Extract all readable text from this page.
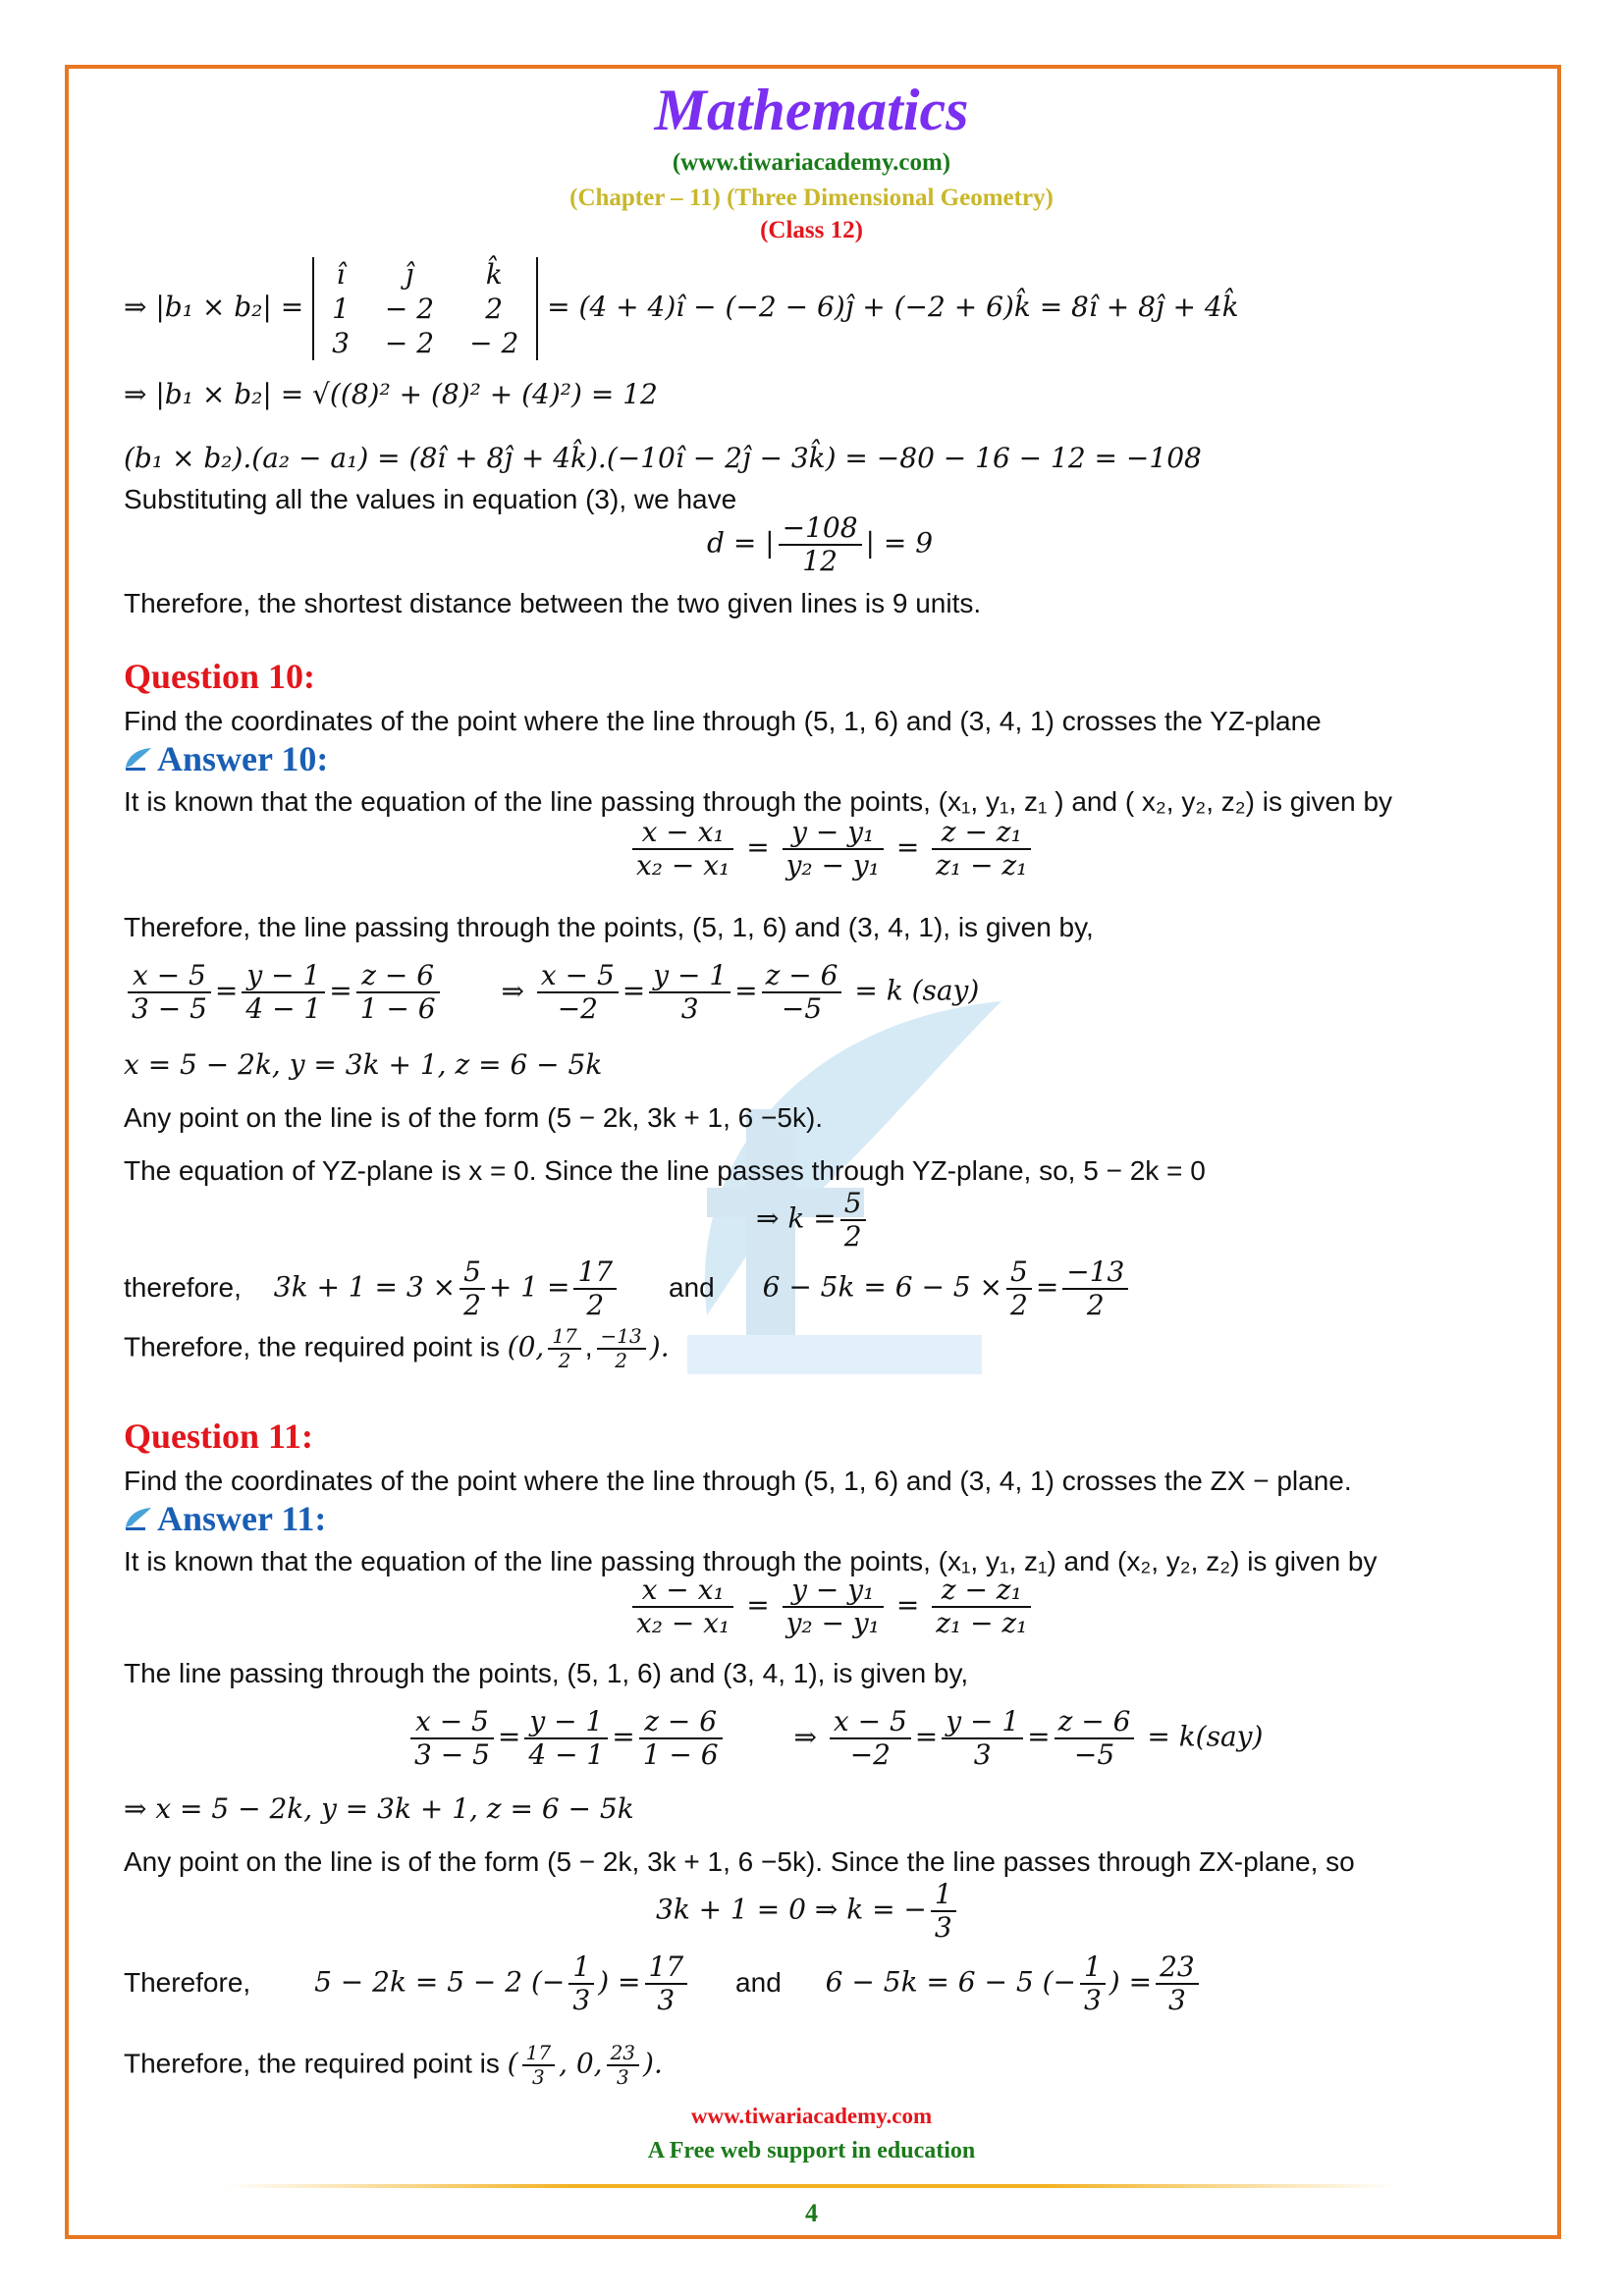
Mathematics
(www.tiwariacademy.com)
(Chapter – 11) (Three Dimensional Geometry)
(Class 12)
⇒ |b₁ × b₂| = î	ĵ	k̂
1	− 2	2
3	− 2	− 2 = (4 + 4)î − (−2 − 6)ĵ + (−2 + 6)k̂ = 8î + 8ĵ + 4k̂
⇒ |b₁ × b₂| = √((8)² + (8)² + (4)²) = 12
(b₁ × b₂).(a₂ − a₁) = (8î + 8ĵ + 4k̂).(−10î − 2ĵ − 3k̂) = −80 − 16 − 12 = −108
Substituting all the values in equation (3), we have
d = | $\frac{-108}{12}$ | = 9
Therefore, the shortest distance between the two given lines is 9 units.
Question 10:
Find the coordinates of the point where the line through (5, 1, 6) and (3, 4, 1) crosses the YZ-plane
Answer 10:
It is known that the equation of the line passing through the points, (x₁, y₁, z₁ ) and ( x₂, y₂, z₂) is given by
$\frac{\text{x − x₁}}{\text{x₂ − x₁}} = \frac{\text{y − y₁}}{\text{y₂ − y₁}} = \frac{\text{z − z₁}}{\text{z₁ − z₁}}$
Therefore, the line passing through the points, (5, 1, 6) and (3, 4, 1), is given by,
$\frac{x - 5}{3 - 5} = \frac{y - 1}{4 - 1} = \frac{z - 6}{1 - 6}$ ⇒ $\frac{x - 5}{-2} = \frac{y - 1}{3} = \frac{z - 6}{-5} = k$ (say)
x = 5 − 2k, y = 3k + 1, z = 6 − 5k
Any point on the line is of the form (5 − 2k, 3k + 1, 6 −5k).
The equation of YZ-plane is x = 0. Since the line passes through YZ-plane, so, 5 − 2k = 0
⇒ $k = \frac{5}{2}$
therefore, $3k + 1 = 3 \times \frac{5}{2} + 1 = \frac{17}{2}$ and $6 - 5k = 6 - 5 \times \frac{5}{2} = \frac{-13}{2}$
Therefore, the required point is (0, $\frac{17}{2}$ , $\frac{-13}{2}$ ).
Question 11:
Find the coordinates of the point where the line through (5, 1, 6) and (3, 4, 1) crosses the ZX − plane.
Answer 11:
It is known that the equation of the line passing through the points, (x₁, y₁, z₁) and (x₂, y₂, z₂) is given by
$\frac{\text{x − x₁}}{\text{x₂ − x₁}} = \frac{\text{y − y₁}}{\text{y₂ − y₁}} = \frac{\text{z − z₁}}{\text{z₁ − z₁}}$
The line passing through the points, (5, 1, 6) and (3, 4, 1), is given by,
$\frac{x - 5}{3 - 5} = \frac{y - 1}{4 - 1} = \frac{z - 6}{1 - 6}$	⇒ $\frac{x - 5}{-2} = \frac{y - 1}{3} = \frac{z - 6}{-5} = k(say)$
⇒ x = 5 − 2k, y = 3k + 1, z = 6 − 5k
Any point on the line is of the form (5 − 2k, 3k + 1, 6 −5k). Since the line passes through ZX-plane, so
3k + 1 = 0 ⇒ k = − $\frac{1}{3}$
Therefore, 5 − 2k = 5 − 2 (− $\frac{1}{3}$ ) = $\frac{17}{3}$ and 6 − 5k = 6 − 5 (− $\frac{1}{3}$ ) = $\frac{23}{3}$
Therefore, the required point is ( $\frac{17}{3}$ , 0, $\frac{23}{3}$ ).
www.tiwariacademy.com
A Free web support in education
4
